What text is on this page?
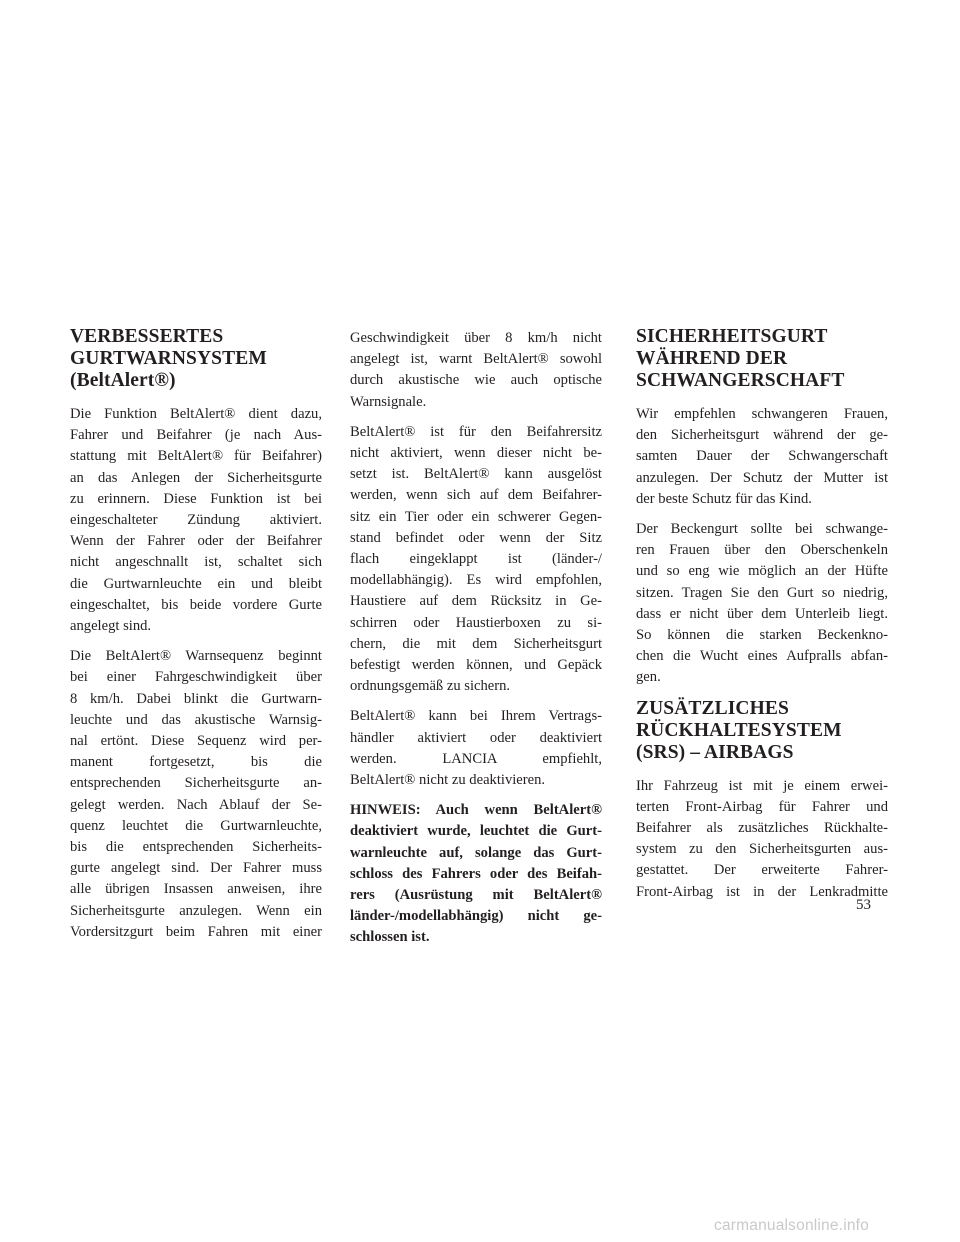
VERBESSERTES
GURTWARNSYSTEM
(BeltAlert®)
Die Funktion BeltAlert® dient dazu,
Fahrer und Beifahrer (je nach Aus-
stattung mit BeltAlert® für Beifahrer)
an das Anlegen der Sicherheitsgurte
zu erinnern. Diese Funktion ist bei
eingeschalteter Zündung aktiviert.
Wenn der Fahrer oder der Beifahrer
nicht angeschnallt ist, schaltet sich
die Gurtwarnleuchte ein und bleibt
eingeschaltet, bis beide vordere Gurte
angelegt sind.
Die BeltAlert® Warnsequenz beginnt
bei einer Fahrgeschwindigkeit über
8 km/h. Dabei blinkt die Gurtwarn-
leuchte und das akustische Warnsig-
nal ertönt. Diese Sequenz wird per-
manent fortgesetzt, bis die
entsprechenden Sicherheitsgurte an-
gelegt werden. Nach Ablauf der Se-
quenz leuchtet die Gurtwarnleuchte,
bis die entsprechenden Sicherheits-
gurte angelegt sind. Der Fahrer muss
alle übrigen Insassen anweisen, ihre
Sicherheitsgurte anzulegen. Wenn ein
Vordersitzgurt beim Fahren mit einer
Geschwindigkeit über 8 km/h nicht
angelegt ist, warnt BeltAlert® sowohl
durch akustische wie auch optische
Warnsignale.
BeltAlert® ist für den Beifahrersitz
nicht aktiviert, wenn dieser nicht be-
setzt ist. BeltAlert® kann ausgelöst
werden, wenn sich auf dem Beifahrer-
sitz ein Tier oder ein schwerer Gegen-
stand befindet oder wenn der Sitz
flach eingeklappt ist (länder-/
modellabhängig). Es wird empfohlen,
Haustiere auf dem Rücksitz in Ge-
schirren oder Haustierboxen zu si-
chern, die mit dem Sicherheitsgurt
befestigt werden können, und Gepäck
ordnungsgemäß zu sichern.
BeltAlert® kann bei Ihrem Vertrags-
händler aktiviert oder deaktiviert
werden. LANCIA empfiehlt,
BeltAlert® nicht zu deaktivieren.
HINWEIS: Auch wenn BeltAlert®
deaktiviert wurde, leuchtet die Gurt-
warnleuchte auf, solange das Gurt-
schloss des Fahrers oder des Beifah-
rers (Ausrüstung mit BeltAlert®
länder-/modellabhängig) nicht ge-
schlossen ist.
SICHERHEITSGURT
WÄHREND DER
SCHWANGERSCHAFT
Wir empfehlen schwangeren Frauen,
den Sicherheitsgurt während der ge-
samten Dauer der Schwangerschaft
anzulegen. Der Schutz der Mutter ist
der beste Schutz für das Kind.
Der Beckengurt sollte bei schwange-
ren Frauen über den Oberschenkeln
und so eng wie möglich an der Hüfte
sitzen. Tragen Sie den Gurt so niedrig,
dass er nicht über dem Unterleib liegt.
So können die starken Beckenkno-
chen die Wucht eines Aufpralls abfan-
gen.
ZUSÄTZLICHES
RÜCKHALTESYSTEM
(SRS) – AIRBAGS
Ihr Fahrzeug ist mit je einem erwei-
terten Front-Airbag für Fahrer und
Beifahrer als zusätzliches Rückhalte-
system zu den Sicherheitsgurten aus-
gestattet. Der erweiterte Fahrer-
Front-Airbag ist in der Lenkradmitte
53
carmanualsonline.info
